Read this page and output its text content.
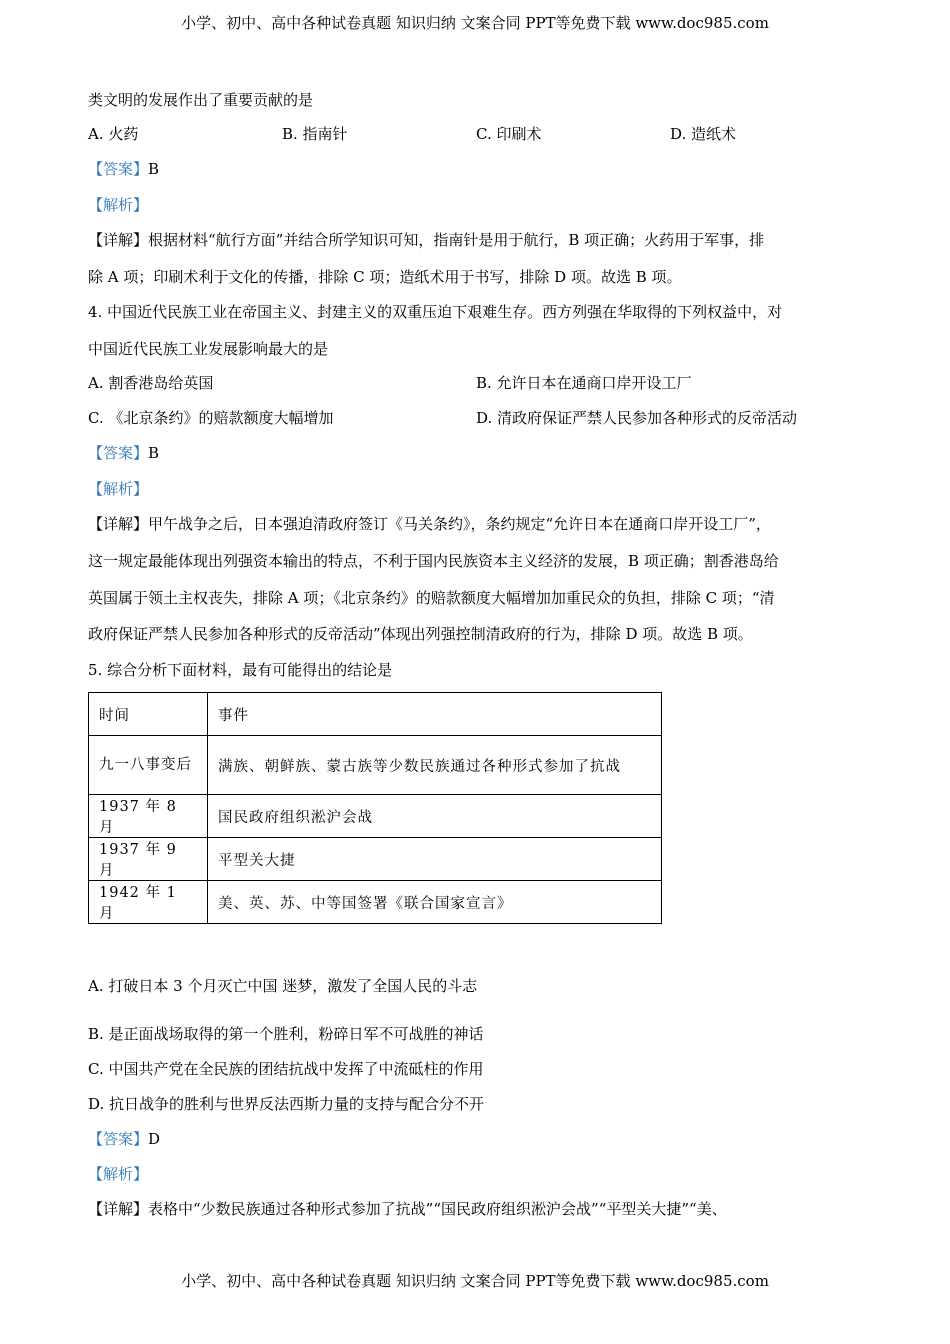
小学、初中、高中各种试卷真题 知识归纳 文案合同 PPT等免费下载 www.doc985.com
类文明的发展作出了重要贡献的是
A. 火药	B. 指南针	C. 印刷术	D. 造纸术
【答案】B
【解析】
【详解】根据材料“航行方面”并结合所学知识可知，指南针是用于航行，B 项正确；火药用于军事，排
除 A 项；印刷术利于文化的传播，排除 C 项；造纸术用于书写，排除 D 项。故选 B 项。
4. 中国近代民族工业在帝国主义、封建主义的双重压迫下艰难生存。西方列强在华取得的下列权益中，对
中国近代民族工业发展影响最大的是
A. 割香港岛给英国	B. 允许日本在通商口岸开设工厂
C. 《北京条约》的赔款额度大幅增加	D. 清政府保证严禁人民参加各种形式的反帝活动
【答案】B
【解析】
【详解】甲午战争之后，日本强迫清政府签订《马关条约》，条约规定“允许日本在通商口岸开设工厂”，
这一规定最能体现出列强资本输出的特点，不利于国内民族资本主义经济的发展，B 项正确；割香港岛给
英国属于领土主权丧失，排除 A 项；《北京条约》的赔款额度大幅增加加重民众的负担，排除 C 项；“清
政府保证严禁人民参加各种形式的反帝活动”体现出列强控制清政府的行为，排除 D 项。故选 B 项。
5. 综合分析下面材料，最有可能得出的结论是
时间	事件
九一八事变后	满族、朝鲜族、蒙古族等少数民族通过各种形式参加了抗战
1937 年 8 月	国民政府组织淞沪会战
1937 年 9 月	平型关大捷
1942 年 1 月	美、英、苏、中等国签署《联合国家宣言》
A. 打破日本 3 个月灭亡中国 迷梦，激发了全国人民的斗志
B. 是正面战场取得的第一个胜利，粉碎日军不可战胜的神话
C. 中国共产党在全民族的团结抗战中发挥了中流砥柱的作用
D. 抗日战争的胜利与世界反法西斯力量的支持与配合分不开
【答案】D
【解析】
【详解】表格中“少数民族通过各种形式参加了抗战”“国民政府组织淞沪会战”“平型关大捷”“美、
小学、初中、高中各种试卷真题 知识归纳 文案合同 PPT等免费下载 www.doc985.com
